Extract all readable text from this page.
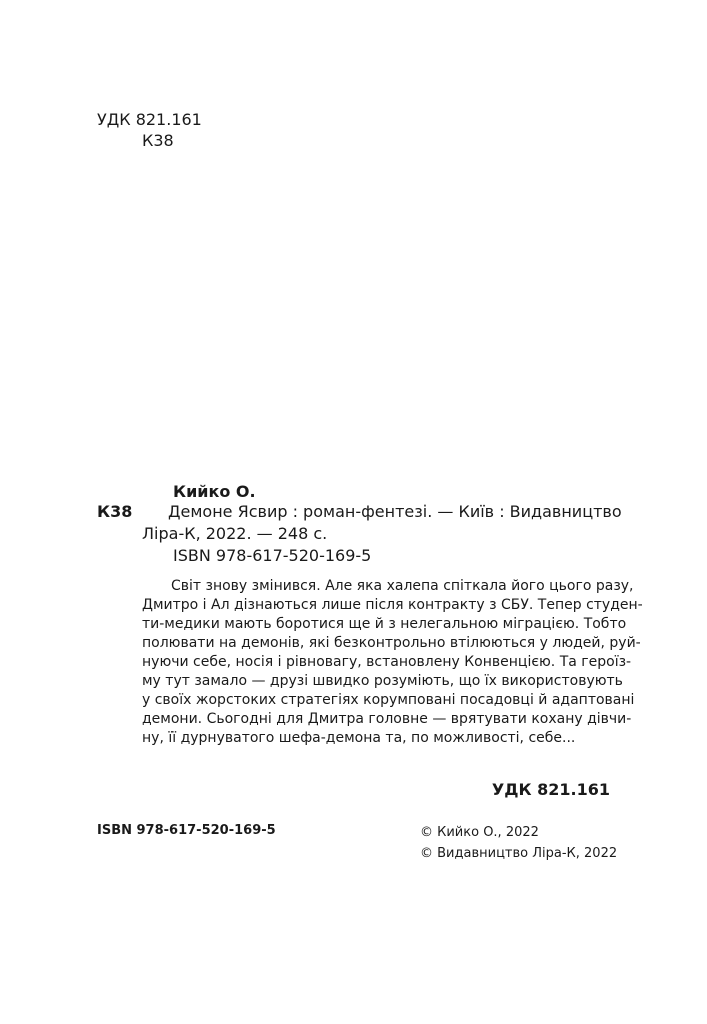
УДК 821.161
К38
Кийко О.
К38	Демоне Ясвир : роман-фентезі. — Київ : Видавництво
Ліра-К, 2022. — 248 с.
ISBN 978-617-520-169-5
Світ знову змінився. Але яка халепа спіткала його цього разу,
Дмитро і Ал дізнаються лише після контракту з СБУ. Тепер студен-
ти-медики мають боротися ще й з нелегальною міграцією. Тобто
полювати на демонів, які безконтрольно втілюються у людей, руй-
нуючи себе, носія і рівновагу, встановлену Конвенцією. Та героїз-
му тут замало — друзі швидко розуміють, що їх використовують
у своїх жорстоких стратегіях корумповані посадовці й адаптовані
демони. Сьогодні для Дмитра головне — врятувати кохану дівчи-
ну, її дурнуватого шефа-демона та, по можливості, себе...
УДК 821.161
ISBN 978-617-520-169-5	© Кийко О., 2022
© Видавництво Ліра-К, 2022
